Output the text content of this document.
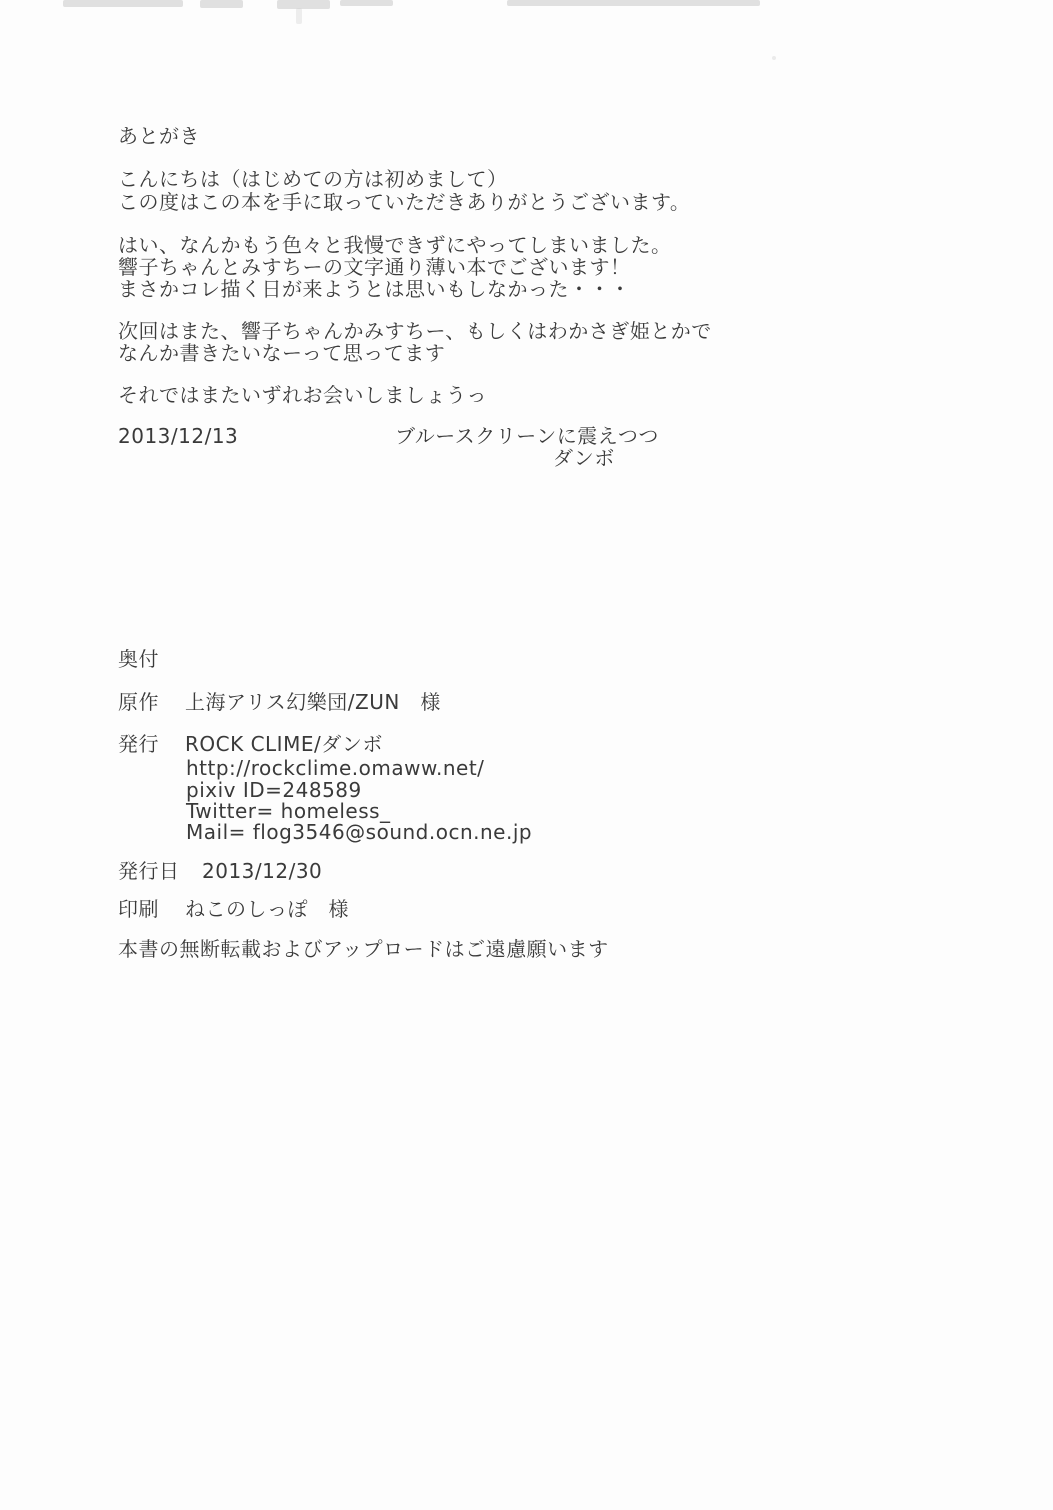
あとがき
こんにちは（はじめての方は初めまして）
この度はこの本を手に取っていただきありがとうございます。
はい、なんかもう色々と我慢できずにやってしまいました。
響子ちゃんとみすちーの文字通り薄い本でございます！
まさかコレ描く日が来ようとは思いもしなかった・・・
次回はまた、響子ちゃんかみすちー、もしくはわかさぎ姫とかで
なんか書きたいなーって思ってます
それではまたいずれお会いしましょうっ
2013/12/13	ブルースクリーンに震えつつ
ダンボ
奥付
原作	上海アリス幻樂団/ZUN　様
発行	ROCK CLIME/ダンボ
http://rockclime.omaww.net/
pixiv ID=248589
Twitter= homeless_
Mail= flog3546@sound.ocn.ne.jp
発行日	2013/12/30
印刷	ねこのしっぽ　様
本書の無断転載およびアップロードはご遠慮願います
